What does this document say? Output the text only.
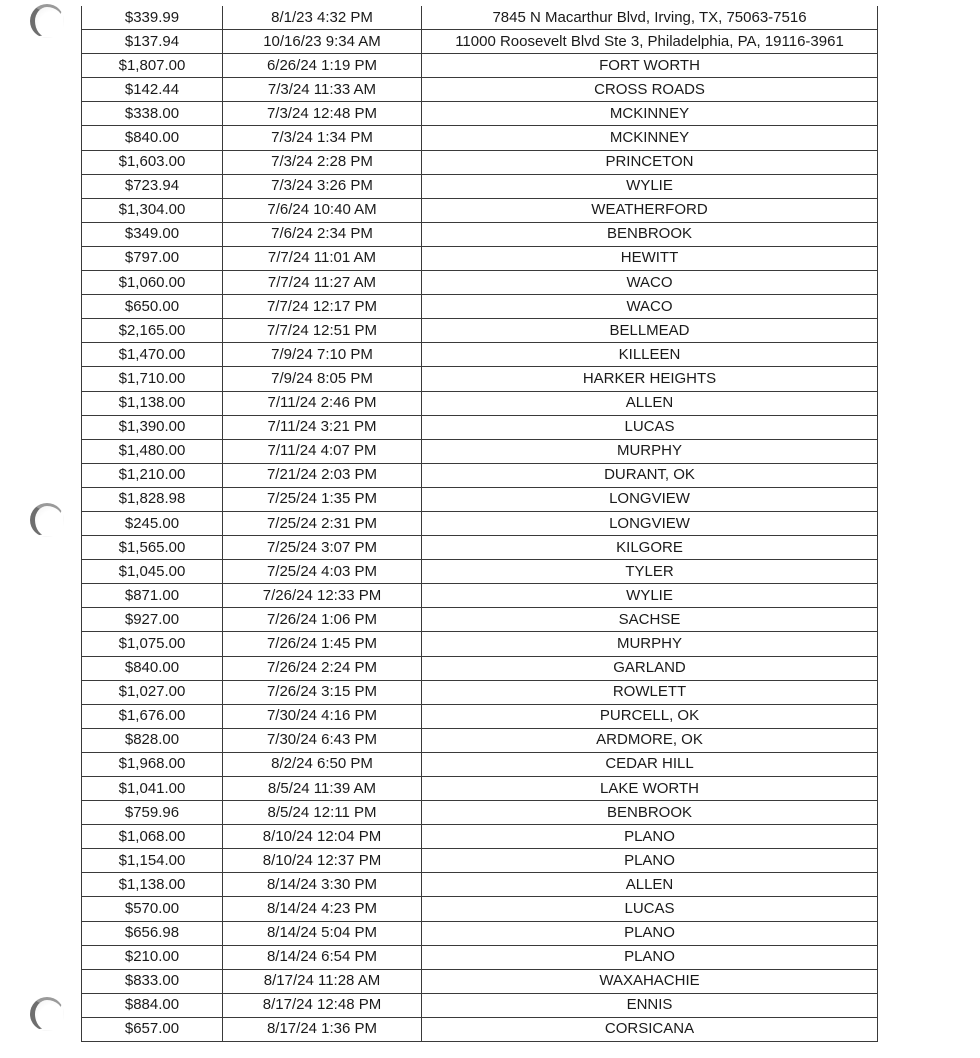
$339.99	8/1/23 4:32 PM	7845 N Macarthur Blvd, Irving, TX, 75063-7516
$137.94	10/16/23 9:34 AM	11000 Roosevelt Blvd Ste 3, Philadelphia, PA, 19116-3961
$1,807.00	6/26/24 1:19 PM	FORT WORTH
$142.44	7/3/24 11:33 AM	CROSS ROADS
$338.00	7/3/24 12:48 PM	MCKINNEY
$840.00	7/3/24 1:34 PM	MCKINNEY
$1,603.00	7/3/24 2:28 PM	PRINCETON
$723.94	7/3/24 3:26 PM	WYLIE
$1,304.00	7/6/24 10:40 AM	WEATHERFORD
$349.00	7/6/24 2:34 PM	BENBROOK
$797.00	7/7/24 11:01 AM	HEWITT
$1,060.00	7/7/24 11:27 AM	WACO
$650.00	7/7/24 12:17 PM	WACO
$2,165.00	7/7/24 12:51 PM	BELLMEAD
$1,470.00	7/9/24 7:10 PM	KILLEEN
$1,710.00	7/9/24 8:05 PM	HARKER HEIGHTS
$1,138.00	7/11/24 2:46 PM	ALLEN
$1,390.00	7/11/24 3:21 PM	LUCAS
$1,480.00	7/11/24 4:07 PM	MURPHY
$1,210.00	7/21/24 2:03 PM	DURANT, OK
$1,828.98	7/25/24 1:35 PM	LONGVIEW
$245.00	7/25/24 2:31 PM	LONGVIEW
$1,565.00	7/25/24 3:07 PM	KILGORE
$1,045.00	7/25/24 4:03 PM	TYLER
$871.00	7/26/24 12:33 PM	WYLIE
$927.00	7/26/24 1:06 PM	SACHSE
$1,075.00	7/26/24 1:45 PM	MURPHY
$840.00	7/26/24 2:24 PM	GARLAND
$1,027.00	7/26/24 3:15 PM	ROWLETT
$1,676.00	7/30/24 4:16 PM	PURCELL, OK
$828.00	7/30/24 6:43 PM	ARDMORE, OK
$1,968.00	8/2/24 6:50 PM	CEDAR HILL
$1,041.00	8/5/24 11:39 AM	LAKE WORTH
$759.96	8/5/24 12:11 PM	BENBROOK
$1,068.00	8/10/24 12:04 PM	PLANO
$1,154.00	8/10/24 12:37 PM	PLANO
$1,138.00	8/14/24 3:30 PM	ALLEN
$570.00	8/14/24 4:23 PM	LUCAS
$656.98	8/14/24 5:04 PM	PLANO
$210.00	8/14/24 6:54 PM	PLANO
$833.00	8/17/24 11:28 AM	WAXAHACHIE
$884.00	8/17/24 12:48 PM	ENNIS
$657.00	8/17/24 1:36 PM	CORSICANA
